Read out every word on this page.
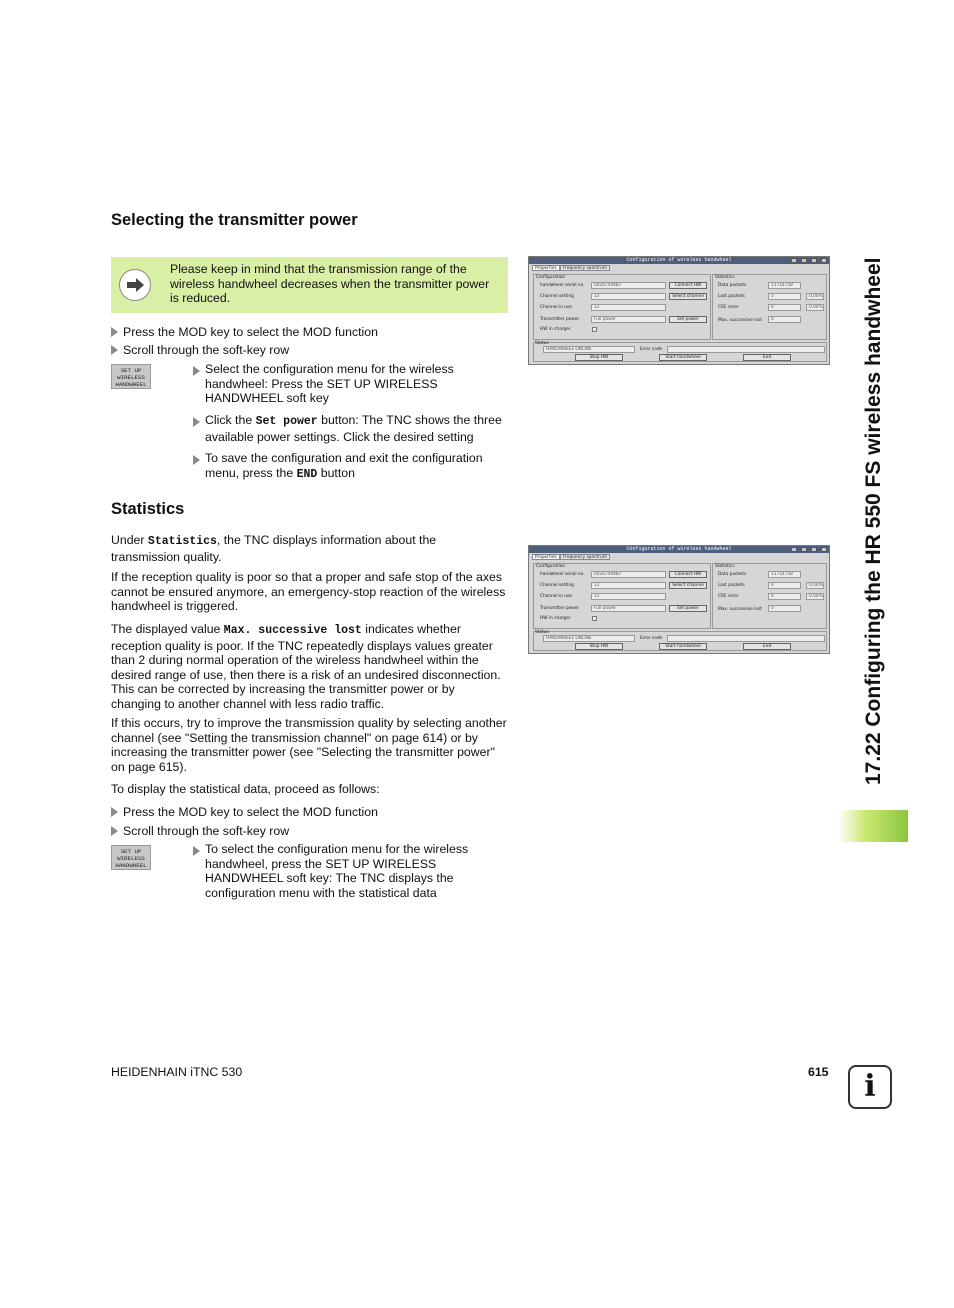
Selecting the transmitter power
Please keep in mind that the transmission range of the wireless handwheel decreases when the transmitter power is reduced.
Press the MOD key to select the MOD function
Scroll through the soft-key row
SET UP
WIRELESS
HANDWHEEL
Select the configuration menu for the wireless handwheel: Press the SET UP WIRELESS HANDWHEEL soft key
Click the Set power button: The TNC shows the three available power settings. Click the desired setting
To save the configuration and exit the configuration menu, press the END button
Statistics
Under Statistics, the TNC displays information about the transmission quality.
If the reception quality is poor so that a proper and safe stop of the axes cannot be ensured anymore, an emergency-stop reaction of the wireless handwheel is triggered.
The displayed value Max. successive lost indicates whether reception quality is poor. If the TNC repeatedly displays values greater than 2 during normal operation of the wireless handwheel within the desired range of use, then there is a risk of an undesired disconnection. This can be corrected by increasing the transmitter power or by changing to another channel with less radio traffic.
If this occurs, try to improve the transmission quality by selecting another channel (see "Setting the transmission channel" on page 614) or by increasing the transmitter power (see "Selecting the transmitter power" on page 615).
To display the statistical data, proceed as follows:
Press the MOD key to select the MOD function
Scroll through the soft-key row
SET UP
WIRELESS
HANDWHEEL
To select the configuration menu for the wireless handwheel, press the SET UP WIRELESS HANDWHEEL soft key: The TNC displays the configuration menu with the statistical data
Configuration of wireless handwheel
Properties	Frequency spectrum
Configuration	Statistics
handwheel serial no.	0026759487	Connect HW
Channel setting	12	Select channel
Channel in use	12
Transmitter power	Full power	Set power
HW in charger
Data packets	11714758
Lost packets	0	0,00%
CRC error	0	0,00%
Max. successive lost	0
Status
HANDWHEEL ONLINE	Error code
Stop HW	Start handwheel	End
Configuration of wireless handwheel
Properties	Frequency spectrum
Configuration	Statistics
handwheel serial no.	0026759487	Connect HW
Channel setting	12	Select channel
Channel in use	12
Transmitter power	Full power	Set power
HW in charger
Data packets	11714758
Lost packets	0	0,00%
CRC error	0	0,00%
Max. successive lost	0
Status
HANDWHEEL ONLINE	Error code
Stop HW	Start handwheel	End	17.22 Configuring the HR 550 FS wireless handwheel
HEIDENHAIN iTNC 530	615	i
